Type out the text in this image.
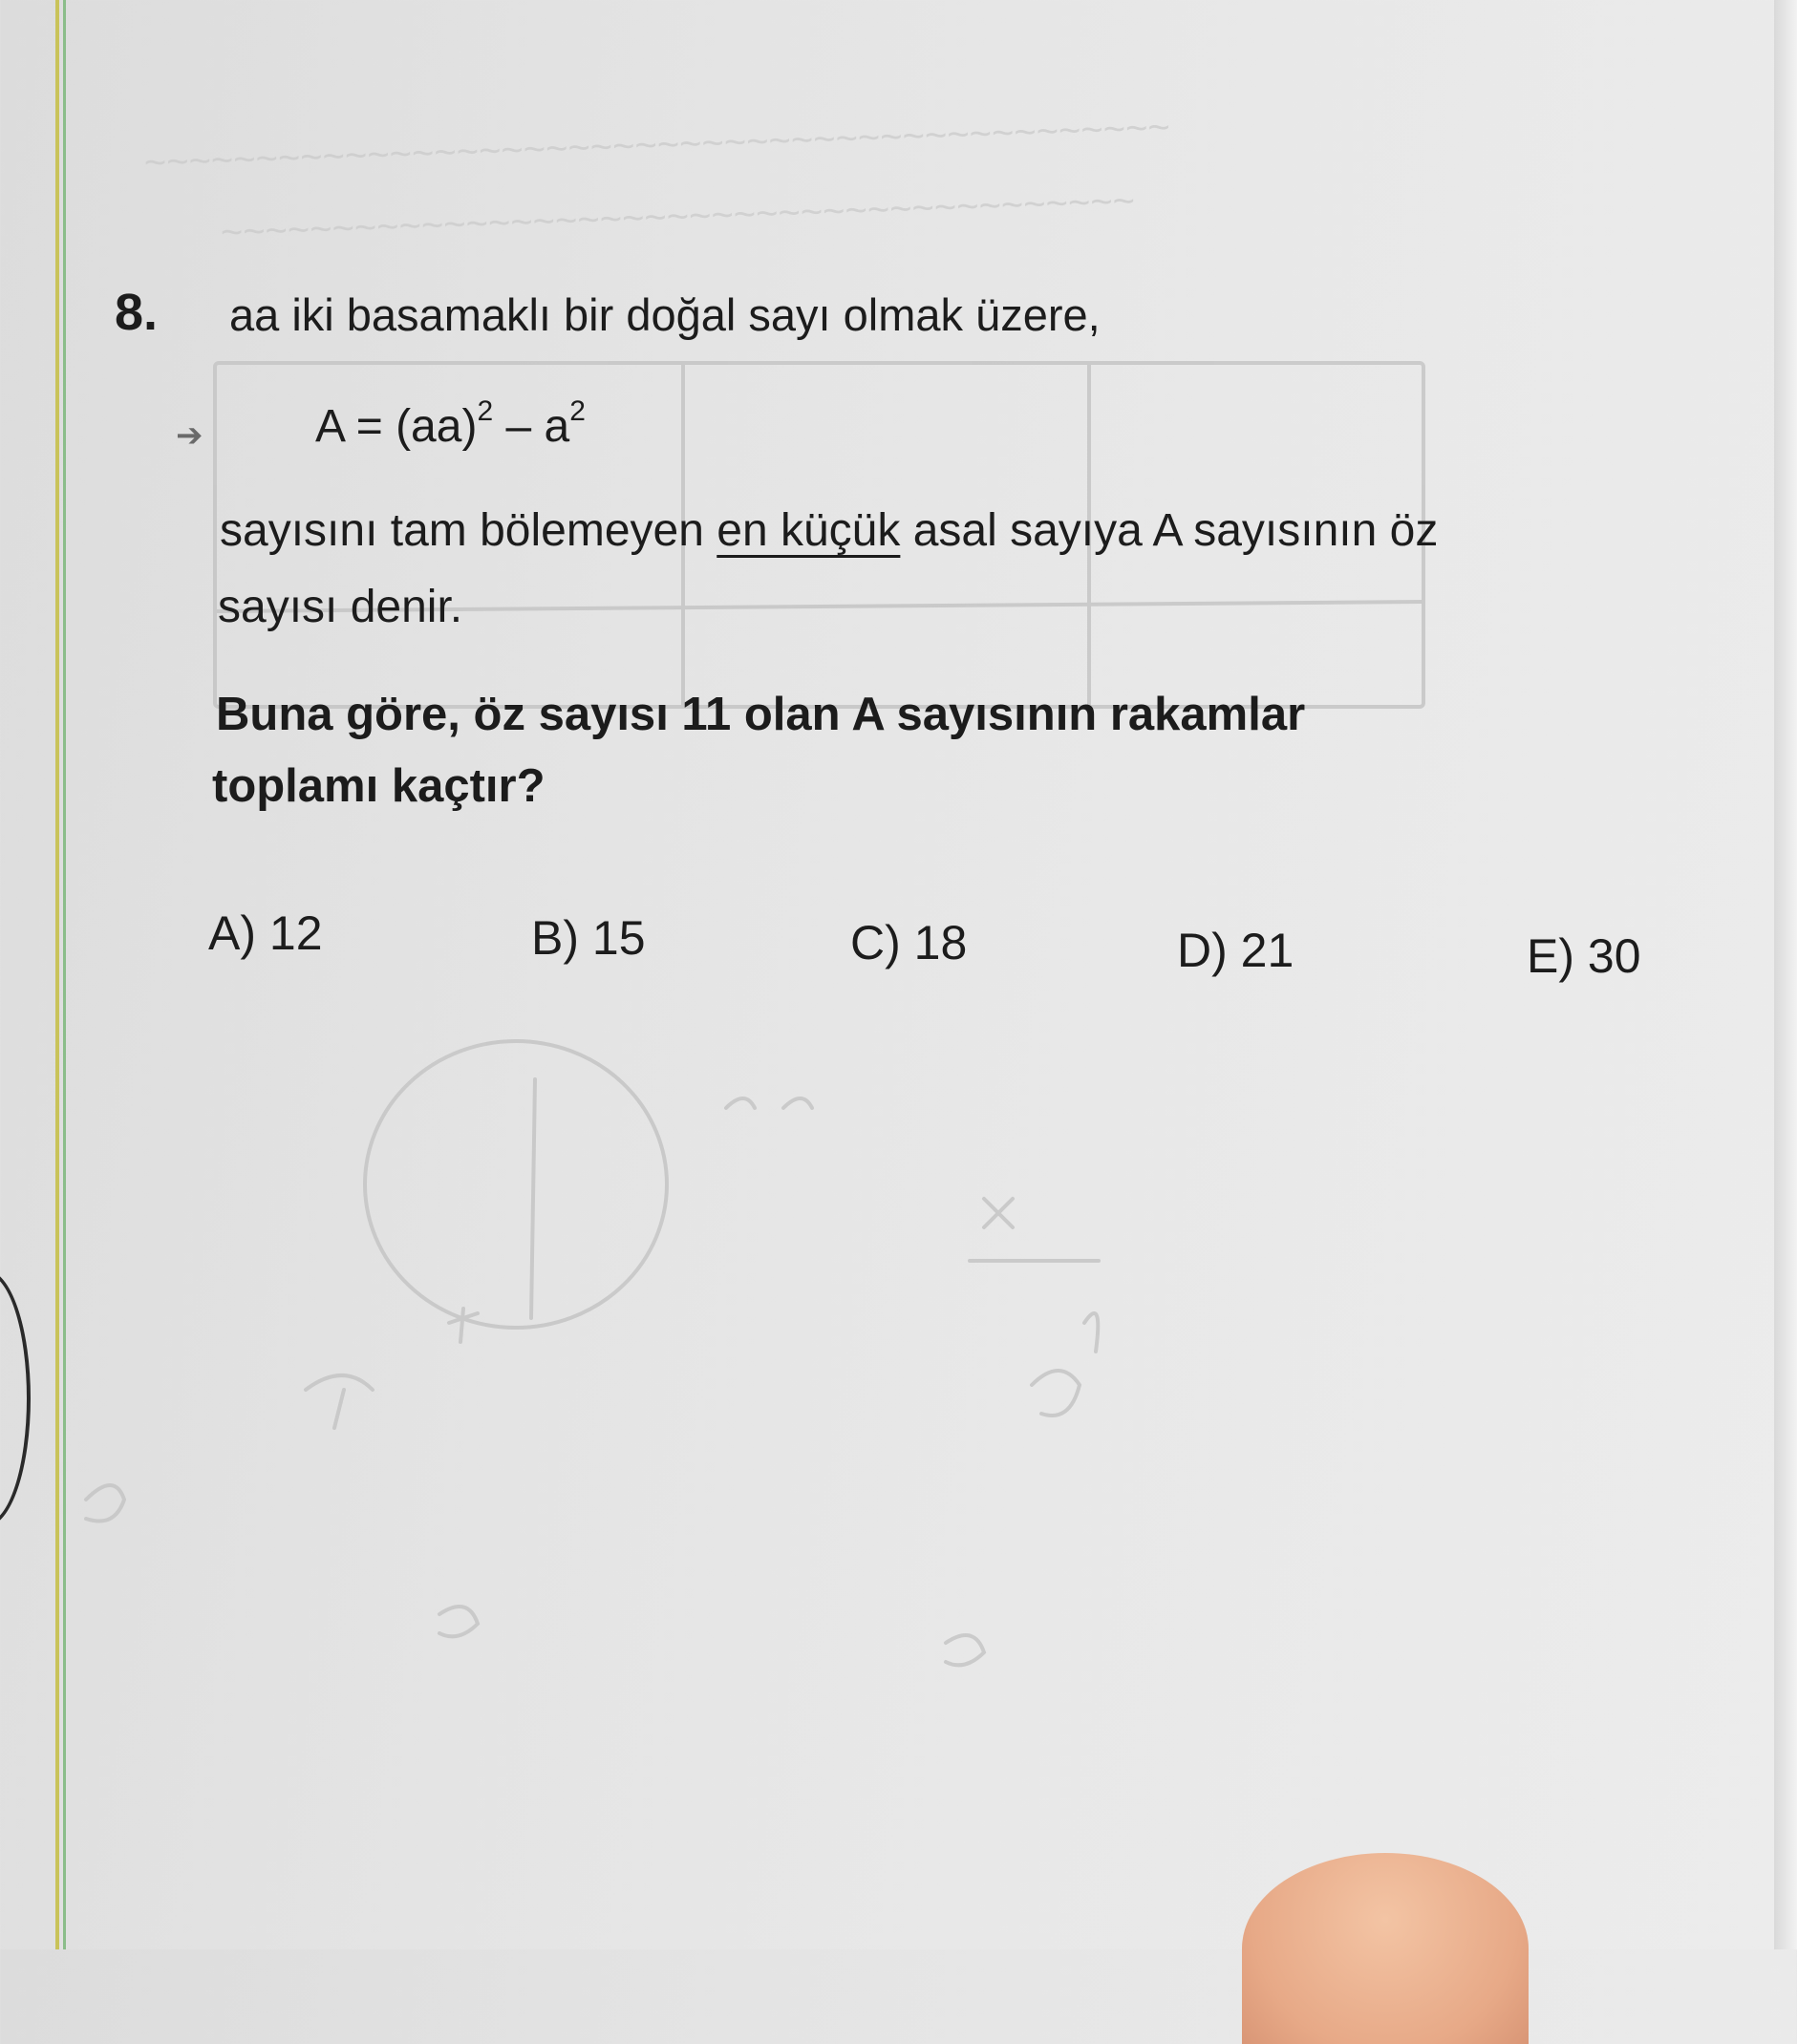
~~~~~~~~~~~~~~~~~~~~~~~~~~~~~~~~~~~~~~~~~~~~~~
~~~~~~~~~~~~~~~~~~~~~~~~~~~~~~~~~~~~~~~~~
8. aa iki basamaklı bir doğal sayı olmak üzere,
➔ $A = (aa)^2 - a^2$
sayısını tam bölemeyen en küçük asal sayıya A sayısının öz
sayısı denir.
Buna göre, öz sayısı 11 olan A sayısının rakamlar
toplamı kaçtır?
A) 12	B) 15	C) 18	D) 21	E) 30
